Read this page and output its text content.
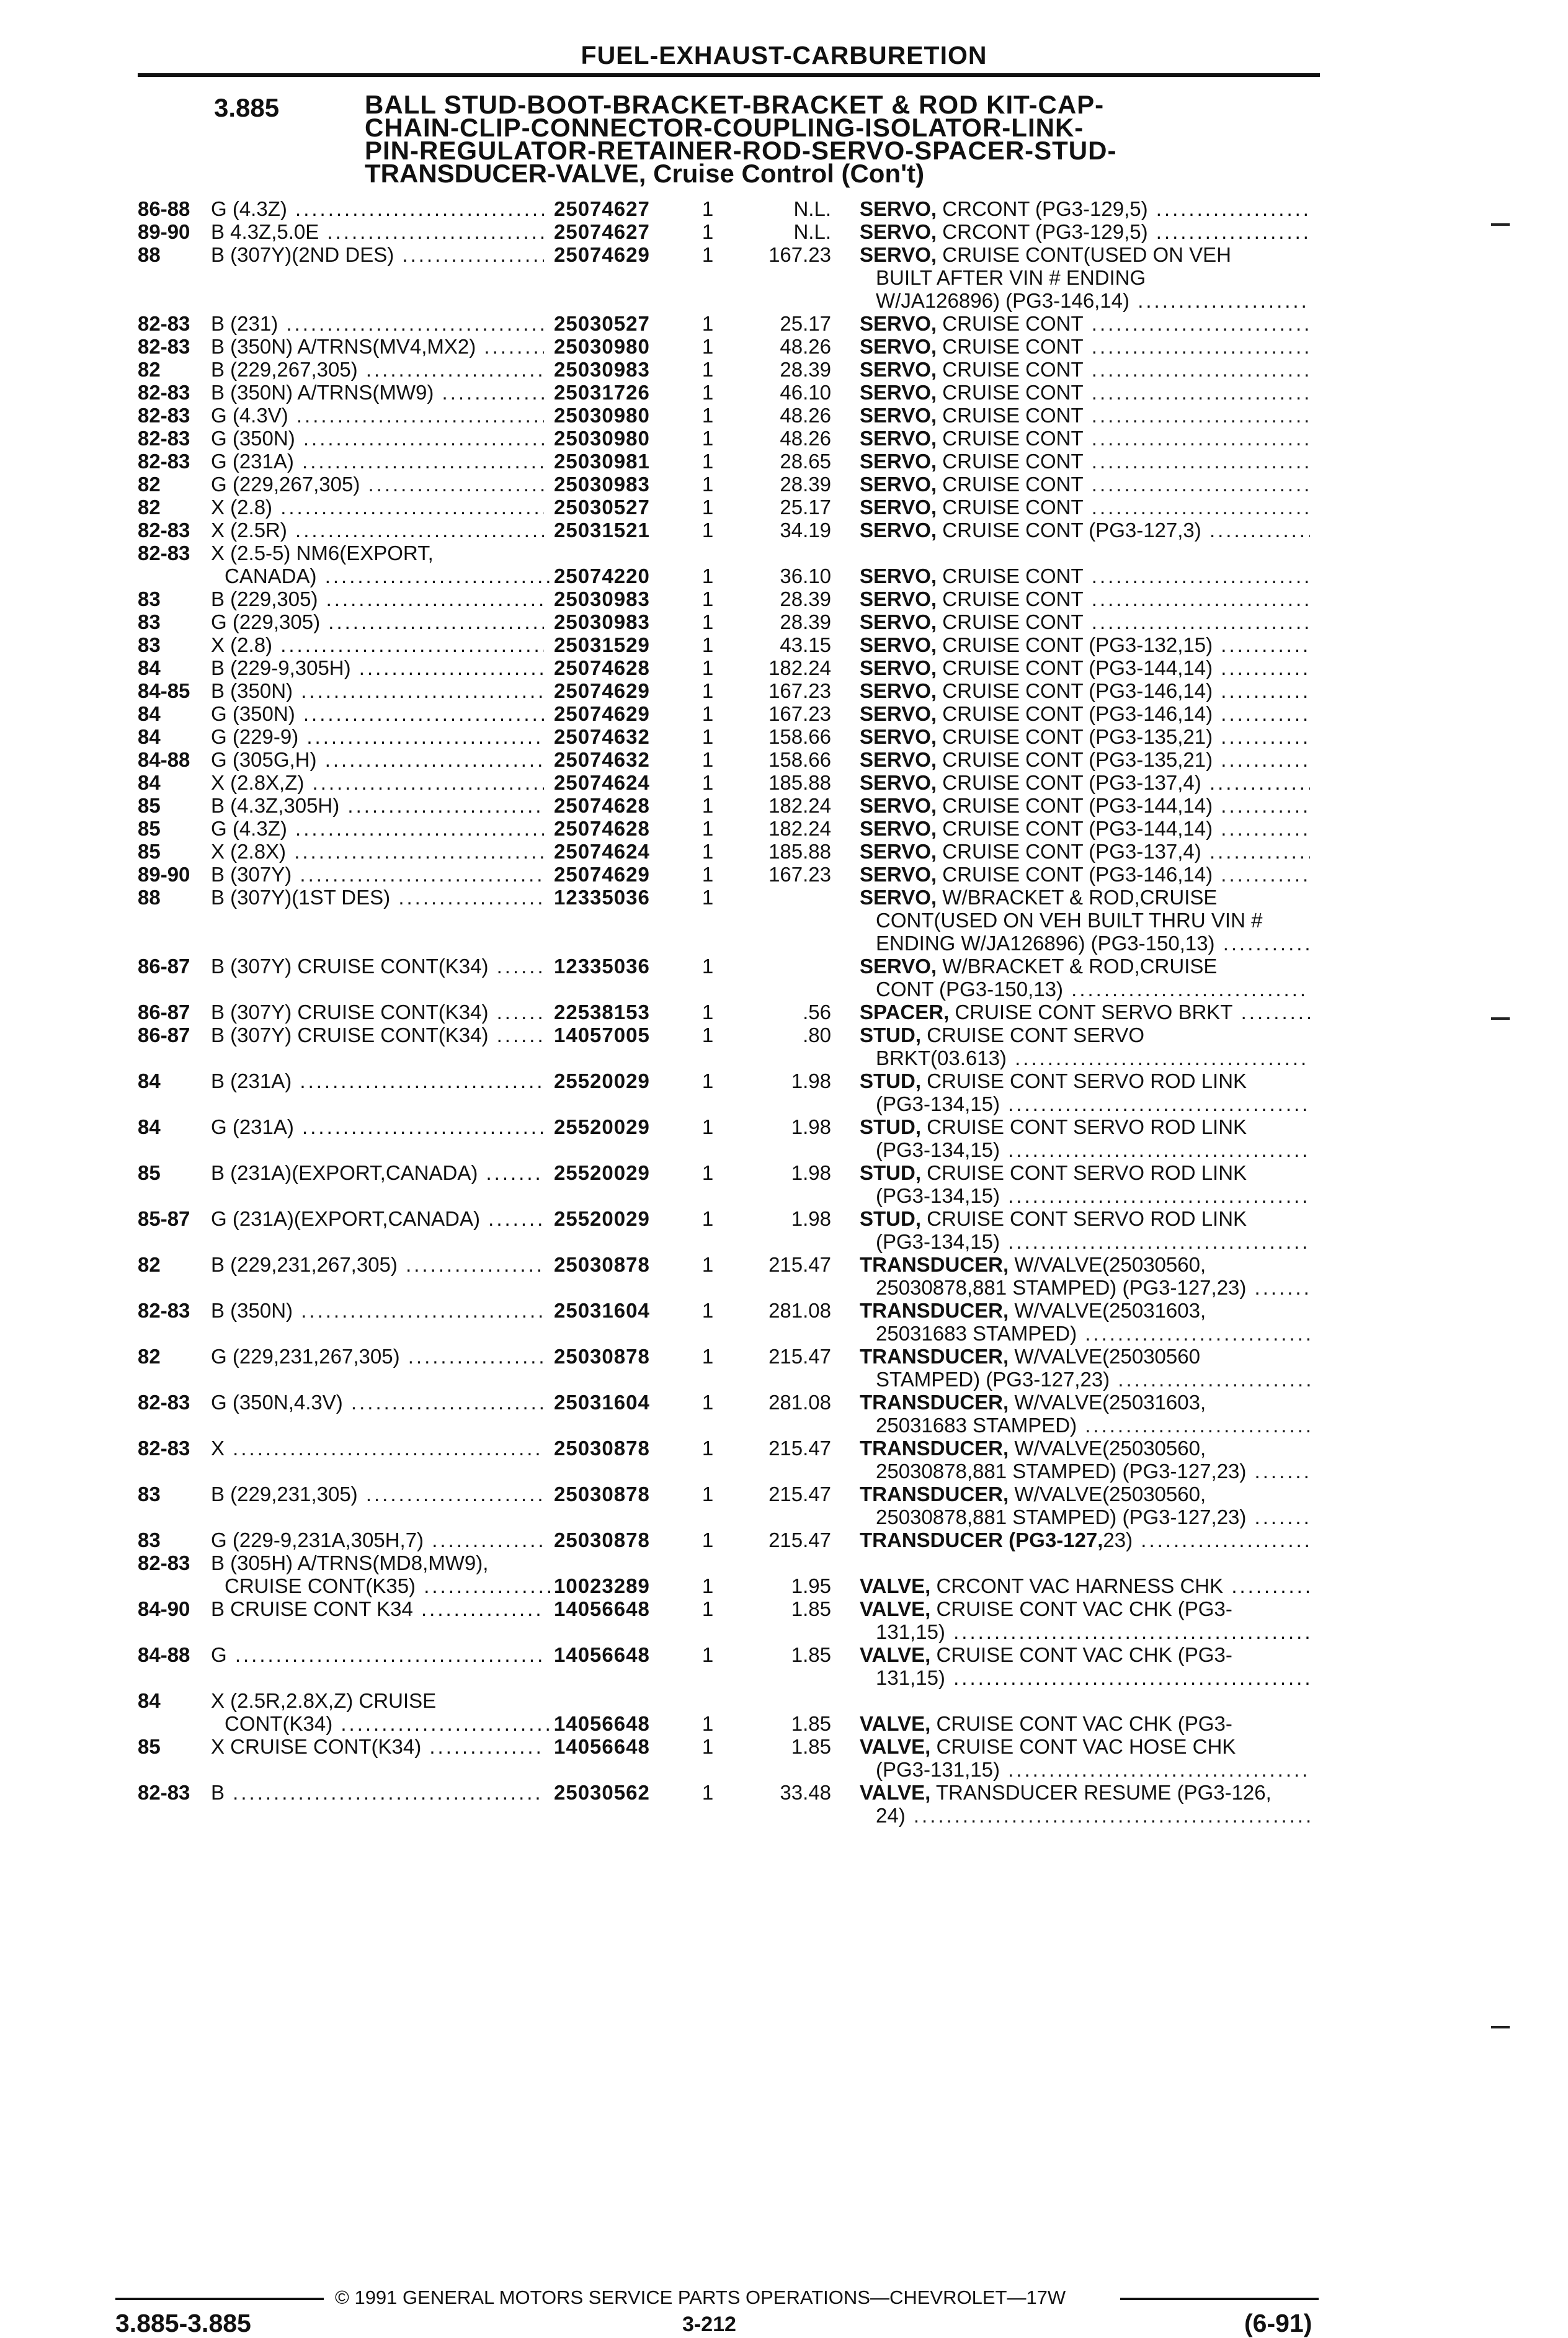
FUEL-EXHAUST-CARBURETION
3.885	BALL STUD-BOOT-BRACKET-BRACKET & ROD KIT-CAP-
CHAIN-CLIP-CONNECTOR-COUPLING-ISOLATOR-LINK-
PIN-REGULATOR-RETAINER-ROD-SERVO-SPACER-STUD-
TRANSDUCER-VALVE, Cruise Control (Con't)
86-88 G (4.3Z) .....	25074627	1	N.L. SERVO, CRCONT (PG3-129,5) .....
89-90 B 4.3Z,5.0E .....	25074627	1	N.L. SERVO, CRCONT (PG3-129,5) .....
88 B (307Y)(2ND DES) .....	25074629	1	167.23 SERVO, CRUISE CONT(USED ON VEH
BUILT AFTER VIN # ENDING
W/JA126896) (PG3-146,14) .....
82-83 B (231) .....	25030527	1	25.17 SERVO, CRUISE CONT .....
82-83 B (350N) A/TRNS(MV4,MX2) .....	25030980	1	48.26 SERVO, CRUISE CONT .....
82 B (229,267,305) .....	25030983	1	28.39 SERVO, CRUISE CONT .....
82-83 B (350N) A/TRNS(MW9) .....	25031726	1	46.10 SERVO, CRUISE CONT .....
82-83 G (4.3V) .....	25030980	1	48.26 SERVO, CRUISE CONT .....
82-83 G (350N) .....	25030980	1	48.26 SERVO, CRUISE CONT .....
82-83 G (231A) .....	25030981	1	28.65 SERVO, CRUISE CONT .....
82 G (229,267,305) .....	25030983	1	28.39 SERVO, CRUISE CONT .....
82 X (2.8) .....	25030527	1	25.17 SERVO, CRUISE CONT .....
82-83 X (2.5R) .....	25031521	1	34.19 SERVO, CRUISE CONT (PG3-127,3) .....
82-83 X (2.5-5) NM6(EXPORT,
CANADA) .....	25074220	1	36.10 SERVO, CRUISE CONT .....
83 B (229,305) .....	25030983	1	28.39 SERVO, CRUISE CONT .....
83 G (229,305) .....	25030983	1	28.39 SERVO, CRUISE CONT .....
83 X (2.8) .....	25031529	1	43.15 SERVO, CRUISE CONT (PG3-132,15) .....
84 B (229-9,305H) .....	25074628	1	182.24 SERVO, CRUISE CONT (PG3-144,14) .....
84-85 B (350N) .....	25074629	1	167.23 SERVO, CRUISE CONT (PG3-146,14) .....
84 G (350N) .....	25074629	1	167.23 SERVO, CRUISE CONT (PG3-146,14) .....
84 G (229-9) .....	25074632	1	158.66 SERVO, CRUISE CONT (PG3-135,21) .....
84-88 G (305G,H) .....	25074632	1	158.66 SERVO, CRUISE CONT (PG3-135,21) .....
84 X (2.8X,Z) .....	25074624	1	185.88 SERVO, CRUISE CONT (PG3-137,4) .....
85 B (4.3Z,305H) .....	25074628	1	182.24 SERVO, CRUISE CONT (PG3-144,14) .....
85 G (4.3Z) .....	25074628	1	182.24 SERVO, CRUISE CONT (PG3-144,14) .....
85 X (2.8X) .....	25074624	1	185.88 SERVO, CRUISE CONT (PG3-137,4) .....
89-90 B (307Y) .....	25074629	1	167.23 SERVO, CRUISE CONT (PG3-146,14) .....
88 B (307Y)(1ST DES) .....	12335036	1	SERVO, W/BRACKET & ROD,CRUISE
CONT(USED ON VEH BUILT THRU VIN #
ENDING W/JA126896) (PG3-150,13) .....
86-87 B (307Y) CRUISE CONT(K34) .....	12335036	1	SERVO, W/BRACKET & ROD,CRUISE
CONT (PG3-150,13) .....
86-87 B (307Y) CRUISE CONT(K34) .....	22538153	1	.56 SPACER, CRUISE CONT SERVO BRKT .....
86-87 B (307Y) CRUISE CONT(K34) .....	14057005	1	.80 STUD, CRUISE CONT SERVO
BRKT(03.613) .....
84 B (231A) .....	25520029	1	1.98 STUD, CRUISE CONT SERVO ROD LINK
(PG3-134,15) .....
84 G (231A) .....	25520029	1	1.98 STUD, CRUISE CONT SERVO ROD LINK
(PG3-134,15) .....
85 B (231A)(EXPORT,CANADA) .....	25520029	1	1.98 STUD, CRUISE CONT SERVO ROD LINK
(PG3-134,15) .....
85-87 G (231A)(EXPORT,CANADA) .....	25520029	1	1.98 STUD, CRUISE CONT SERVO ROD LINK
(PG3-134,15) .....
82 B (229,231,267,305) .....	25030878	1	215.47 TRANSDUCER, W/VALVE(25030560,
25030878,881 STAMPED) (PG3-127,23) .....
82-83 B (350N) .....	25031604	1	281.08 TRANSDUCER, W/VALVE(25031603,
25031683 STAMPED) .....
82 G (229,231,267,305) .....	25030878	1	215.47 TRANSDUCER, W/VALVE(25030560
STAMPED) (PG3-127,23) .....
82-83 G (350N,4.3V) .....	25031604	1	281.08 TRANSDUCER, W/VALVE(25031603,
25031683 STAMPED) .....
82-83 X .....	25030878	1	215.47 TRANSDUCER, W/VALVE(25030560,
25030878,881 STAMPED) (PG3-127,23) .....
83 B (229,231,305) .....	25030878	1	215.47 TRANSDUCER, W/VALVE(25030560,
25030878,881 STAMPED) (PG3-127,23) .....
83 G (229-9,231A,305H,7) .....	25030878	1	215.47 TRANSDUCER (PG3-127,23) .....
82-83 B (305H) A/TRNS(MD8,MW9),
CRUISE CONT(K35) .....	10023289	1	1.95 VALVE, CRCONT VAC HARNESS CHK .....
84-90 B CRUISE CONT K34 .....	14056648	1	1.85 VALVE, CRUISE CONT VAC CHK (PG3-
131,15) .....
84-88 G .....	14056648	1	1.85 VALVE, CRUISE CONT VAC CHK (PG3-
131,15) .....
84 X (2.5R,2.8X,Z) CRUISE
CONT(K34) .....	14056648	1	1.85 VALVE, CRUISE CONT VAC CHK (PG3-
85 X CRUISE CONT(K34) .....	14056648	1	1.85 VALVE, CRUISE CONT VAC HOSE CHK
(PG3-131,15) .....
82-83 B .....	25030562	1	33.48 VALVE, TRANSDUCER RESUME (PG3-126,
24) .....
© 1991 GENERAL MOTORS SERVICE PARTS OPERATIONS—CHEVROLET—17W
3.885-3.885	3-212	(6-91)
